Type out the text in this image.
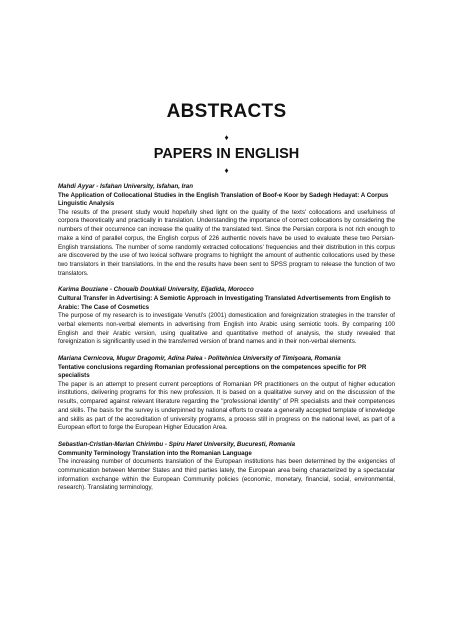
ABSTRACTS
♦
PAPERS IN ENGLISH
♦
Mahdi Ayyar - Isfahan University, Isfahan, Iran
The Application of Collocational Studies in the English Translation of Boof-e Koor by Sadegh Hedayat: A Corpus Linguistic Analysis

The results of the present study would hopefully shed light on the quality of the texts' collocations and usefulness of corpora theoretically and practically in translation. Understanding the importance of correct collocations by considering the numbers of their occurrence can increase the quality of the translated text. Since the Persian corpora is not rich enough to make a kind of parallel corpus, the English corpus of 226 authentic novels have be used to evaluate these two Persian-English translations. The number of some randomly extracted collocations' frequencies and their distribution in this corpus are discovered by the use of two lexical software programs to highlight the amount of authentic collocations used by these two translators in their translations. In the end the results have been sent to SPSS program to release the function of two translators.

Karima Bouziane - Chouaib Doukkali University, Eljadida, Morocco
Cultural Transfer in Advertising: A Semiotic Approach in Investigating Translated Advertisements from English to Arabic: The Case of Cosmetics

The purpose of my research is to investigate Venuti's (2001) domestication and foreignization strategies in the transfer of verbal elements non-verbal elements in advertising from English into Arabic using semiotic tools. By comparing 100 English and their Arabic version, using qualitative and quantitative method of analysis, the study revealed that foreignization is significantly used in the transferred version of brand names and in their non-verbal elements.

Mariana Cernicova, Mugur Dragomir, Adina Palea - Politehnica University of Timişoara, Romania
Tentative conclusions regarding Romanian professional perceptions on the competences specific for PR specialists

The paper is an attempt to present current perceptions of Romanian PR practitioners on the output of higher education institutions, delivering programs for this new profession. It is based on a qualitative survey and on the discussion of the results, compared against relevant literature regarding the "professional identity" of PR specialists and their competences and skills. The basis for the survey is underpinned by national efforts to create a generally accepted template of knowledge and skills as part of the accreditation of university programs, a process still in progress on the national level, as part of a European effort to forge the European Higher Education Area.

Sebastian-Cristian-Marian Chirimbu - Spiru Haret University, Bucuresti, Romania
Community Terminology Translation into the Romanian Language

The increasing number of documents translation of the European institutions has been determined by the exigencies of communication between Member States and third parties lately, the European area being characterized by a spectacular information exchange within the European Community policies (economic, monetary, financial, social, environmental, research). Translating terminology,
